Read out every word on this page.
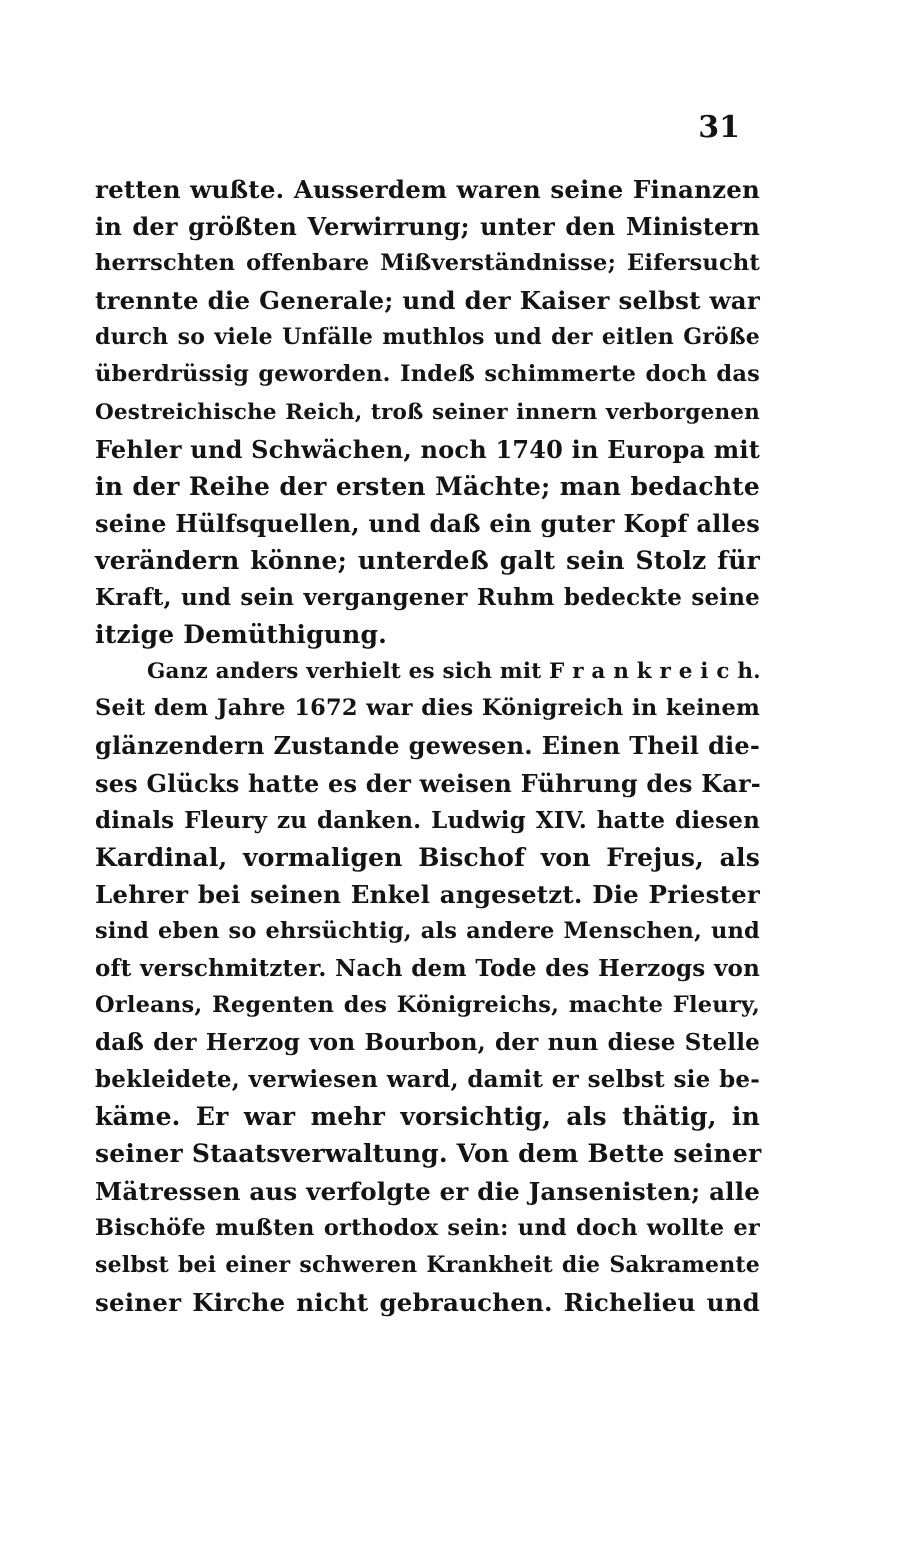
31
retten wußte. Ausserdem waren seine Finanzen
in der größten Verwirrung; unter den Ministern
herrschten offenbare Mißverständnisse; Eifersucht
trennte die Generale; und der Kaiser selbst war
durch so viele Unfälle muthlos und der eitlen Größe
überdrüssig geworden. Indeß schimmerte doch das
Oestreichische Reich, troß seiner innern verborgenen
Fehler und Schwächen, noch 1740 in Europa mit
in der Reihe der ersten Mächte; man bedachte
seine Hülfsquellen, und daß ein guter Kopf alles
verändern könne; unterdeß galt sein Stolz für
Kraft, und sein vergangener Ruhm bedeckte seine
itzige Demüthigung.
Ganz anders verhielt es sich mit F r a n k r e i c h.
Seit dem Jahre 1672 war dies Königreich in keinem
glänzendern Zustande gewesen. Einen Theil die-
ses Glücks hatte es der weisen Führung des Kar-
dinals Fleury zu danken. Ludwig XIV. hatte diesen
Kardinal, vormaligen Bischof von Frejus, als
Lehrer bei seinen Enkel angesetzt. Die Priester
sind eben so ehrsüchtig, als andere Menschen, und
oft verschmitzter. Nach dem Tode des Herzogs von
Orleans, Regenten des Königreichs, machte Fleury,
daß der Herzog von Bourbon, der nun diese Stelle
bekleidete, verwiesen ward, damit er selbst sie be-
käme. Er war mehr vorsichtig, als thätig, in
seiner Staatsverwaltung. Von dem Bette seiner
Mätressen aus verfolgte er die Jansenisten; alle
Bischöfe mußten orthodox sein: und doch wollte er
selbst bei einer schweren Krankheit die Sakramente
seiner Kirche nicht gebrauchen. Richelieu und
